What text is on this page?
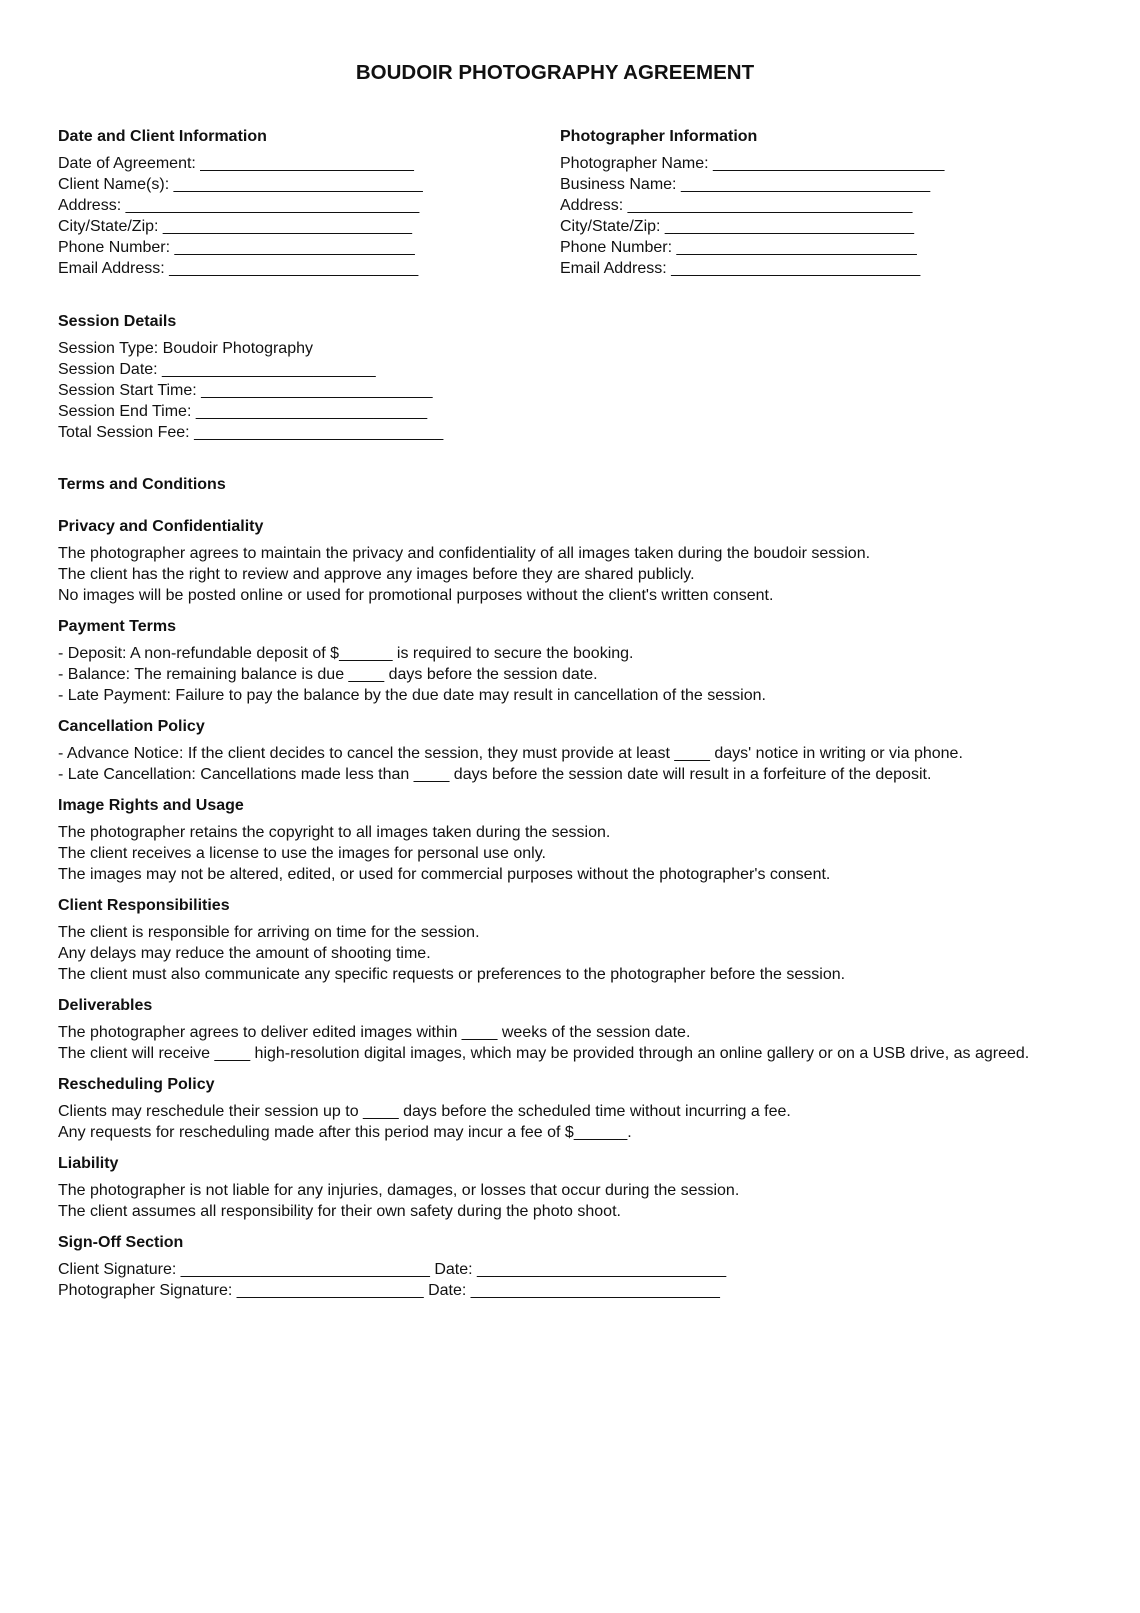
BOUDOIR PHOTOGRAPHY AGREEMENT
Date and Client Information
Date of Agreement: ________________________
Client Name(s): ____________________________
Address: _________________________________
City/State/Zip: ____________________________
Phone Number: ___________________________
Email Address: ____________________________
Photographer Information
Photographer Name: __________________________
Business Name: ____________________________
Address: ________________________________
City/State/Zip: ____________________________
Phone Number: ___________________________
Email Address: ____________________________
Session Details
Session Type: Boudoir Photography
Session Date: ________________________
Session Start Time: __________________________
Session End Time: __________________________
Total Session Fee: ____________________________
Terms and Conditions
Privacy and Confidentiality
The photographer agrees to maintain the privacy and confidentiality of all images taken during the boudoir session.
The client has the right to review and approve any images before they are shared publicly.
No images will be posted online or used for promotional purposes without the client's written consent.
Payment Terms
- Deposit: A non-refundable deposit of $______ is required to secure the booking.
- Balance: The remaining balance is due ____ days before the session date.
- Late Payment: Failure to pay the balance by the due date may result in cancellation of the session.
Cancellation Policy
- Advance Notice: If the client decides to cancel the session, they must provide at least ____ days' notice in writing or via phone.
- Late Cancellation: Cancellations made less than ____ days before the session date will result in a forfeiture of the deposit.
Image Rights and Usage
The photographer retains the copyright to all images taken during the session.
The client receives a license to use the images for personal use only.
The images may not be altered, edited, or used for commercial purposes without the photographer's consent.
Client Responsibilities
The client is responsible for arriving on time for the session.
Any delays may reduce the amount of shooting time.
The client must also communicate any specific requests or preferences to the photographer before the session.
Deliverables
The photographer agrees to deliver edited images within ____ weeks of the session date.
The client will receive ____ high-resolution digital images, which may be provided through an online gallery or on a USB drive, as agreed.
Rescheduling Policy
Clients may reschedule their session up to ____ days before the scheduled time without incurring a fee.
Any requests for rescheduling made after this period may incur a fee of $______.
Liability
The photographer is not liable for any injuries, damages, or losses that occur during the session.
The client assumes all responsibility for their own safety during the photo shoot.
Sign-Off Section
Client Signature: ____________________________ Date: ____________________________
Photographer Signature: _____________________ Date: ____________________________
